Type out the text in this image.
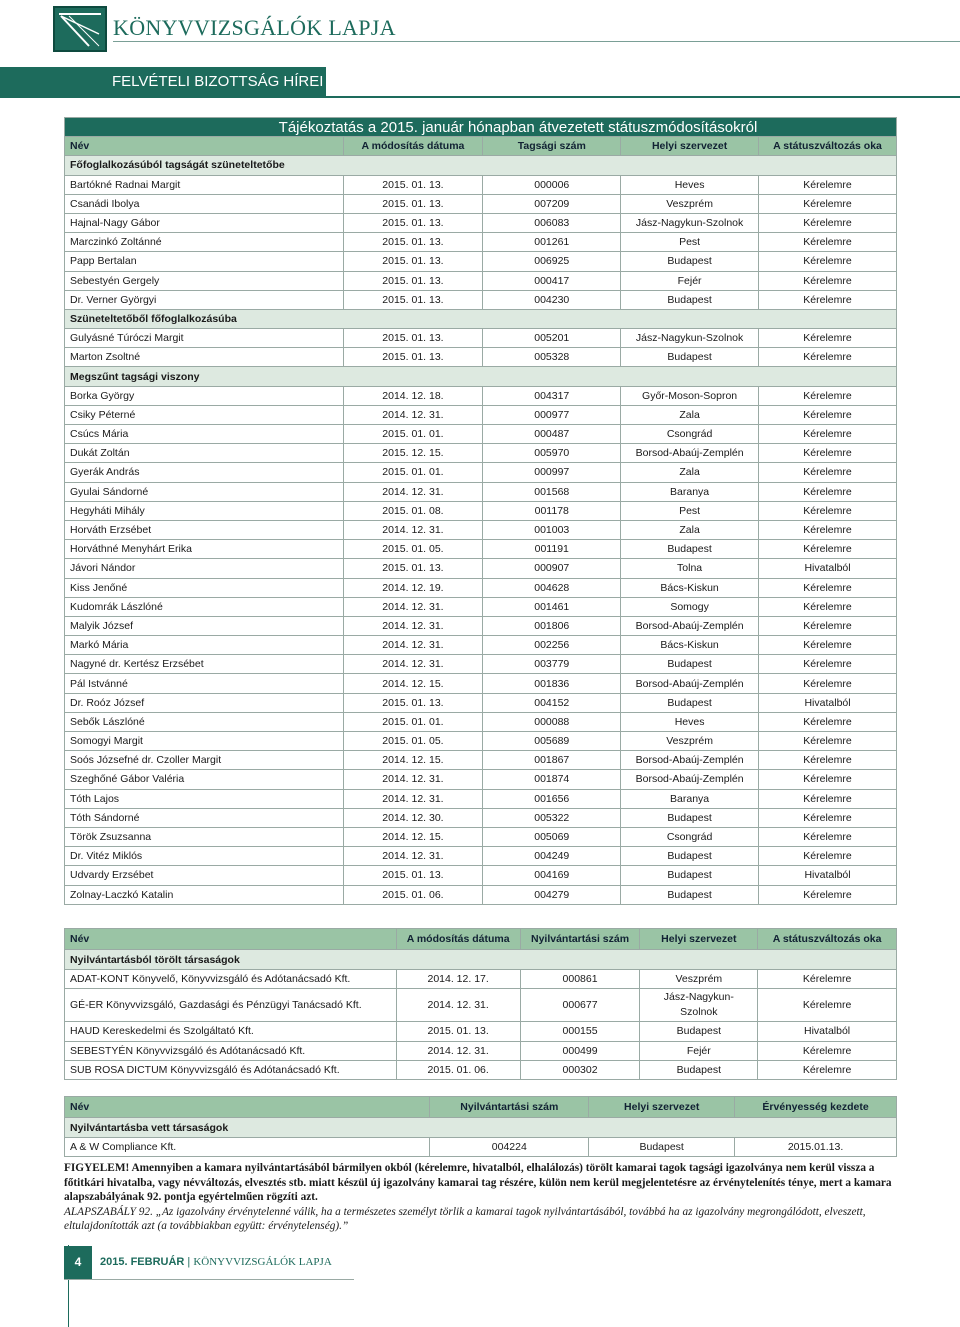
KÖNYVVIZSGÁLÓK LAPJA
FELVÉTELI BIZOTTSÁG HÍREI
Tájékoztatás a 2015. január hónapban átvezetett státuszmódosításokról				
Név	A módosítás dátuma	Tagsági szám	Helyi szervezet	A státuszváltozás oka
Főfoglalkozásúból tagságát szüneteltetőbe				
Bartókné Radnai Margit	2015. 01. 13.	000006	Heves	Kérelemre
Csanádi Ibolya	2015. 01. 13.	007209	Veszprém	Kérelemre
Hajnal-Nagy Gábor	2015. 01. 13.	006083	Jász-Nagykun-Szolnok	Kérelemre
Marczinkó Zoltánné	2015. 01. 13.	001261	Pest	Kérelemre
Papp Bertalan	2015. 01. 13.	006925	Budapest	Kérelemre
Sebestyén Gergely	2015. 01. 13.	000417	Fejér	Kérelemre
Dr. Verner Györgyi	2015. 01. 13.	004230	Budapest	Kérelemre
Szüneteltetőből főfoglalkozásúba				
Gulyásné Túróczi Margit	2015. 01. 13.	005201	Jász-Nagykun-Szolnok	Kérelemre
Marton Zsoltné	2015. 01. 13.	005328	Budapest	Kérelemre
Megszűnt tagsági viszony				
Borka György	2014. 12. 18.	004317	Győr-Moson-Sopron	Kérelemre
Csiky Péterné	2014. 12. 31.	000977	Zala	Kérelemre
Csúcs Mária	2015. 01. 01.	000487	Csongrád	Kérelemre
Dukát Zoltán	2015. 12. 15.	005970	Borsod-Abaúj-Zemplén	Kérelemre
Gyerák András	2015. 01. 01.	000997	Zala	Kérelemre
Gyulai Sándorné	2014. 12. 31.	001568	Baranya	Kérelemre
Hegyháti Mihály	2015. 01. 08.	001178	Pest	Kérelemre
Horváth Erzsébet	2014. 12. 31.	001003	Zala	Kérelemre
Horváthné Menyhárt Erika	2015. 01. 05.	001191	Budapest	Kérelemre
Jávori Nándor	2015. 01. 13.	000907	Tolna	Hivatalból
Kiss Jenőné	2014. 12. 19.	004628	Bács-Kiskun	Kérelemre
Kudomrák Lászlóné	2014. 12. 31.	001461	Somogy	Kérelemre
Malyik József	2014. 12. 31.	001806	Borsod-Abaúj-Zemplén	Kérelemre
Markó Mária	2014. 12. 31.	002256	Bács-Kiskun	Kérelemre
Nagyné dr. Kertész Erzsébet	2014. 12. 31.	003779	Budapest	Kérelemre
Pál Istvánné	2014. 12. 15.	001836	Borsod-Abaúj-Zemplén	Kérelemre
Dr. Roóz József	2015. 01. 13.	004152	Budapest	Hivatalból
Sebők Lászlóné	2015. 01. 01.	000088	Heves	Kérelemre
Somogyi Margit	2015. 01. 05.	005689	Veszprém	Kérelemre
Soós Józsefné dr. Czoller Margit	2014. 12. 15.	001867	Borsod-Abaúj-Zemplén	Kérelemre
Szeghőné Gábor Valéria	2014. 12. 31.	001874	Borsod-Abaúj-Zemplén	Kérelemre
Tóth Lajos	2014. 12. 31.	001656	Baranya	Kérelemre
Tóth Sándorné	2014. 12. 30.	005322	Budapest	Kérelemre
Török Zsuzsanna	2014. 12. 15.	005069	Csongrád	Kérelemre
Dr. Vitéz Miklós	2014. 12. 31.	004249	Budapest	Kérelemre
Udvardy Erzsébet	2015. 01. 13.	004169	Budapest	Hivatalból
Zolnay-Laczkó Katalin	2015. 01. 06.	004279	Budapest	Kérelemre
Név	A módosítás dátuma	Nyilvántartási szám	Helyi szervezet	A státuszváltozás oka
Nyilvántartásból törölt társaságok				
ADAT-KONT Könyvelő, Könyvvizsgáló és Adótanácsadó Kft.	2014. 12. 17.	000861	Veszprém	Kérelemre
GÉ-ER Könyvvizsgáló, Gazdasági és Pénzügyi Tanácsadó Kft.	2014. 12. 31.	000677	Jász-Nagykun-Szolnok	Kérelemre
HAUD Kereskedelmi és Szolgáltató Kft.	2015. 01. 13.	000155	Budapest	Hivatalból
SEBESTYÉN Könyvvizsgáló és Adótanácsadó Kft.	2014. 12. 31.	000499	Fejér	Kérelemre
SUB ROSA DICTUM Könyvvizsgáló és Adótanácsadó Kft.	2015. 01. 06.	000302	Budapest	Kérelemre
Név	Nyilvántartási szám	Helyi szervezet	Érvényesség kezdete
Nyilvántartásba vett társaságok			
A & W Compliance Kft.	004224	Budapest	2015.01.13.

FIGYELEM! Amennyiben a kamara nyilvántartásából bármilyen okból (kérelemre, hivatalból, elhalálozás) törölt kamarai tagok tagsági igazolványa nem kerül vissza a főtitkári hivatalba, vagy névváltozás, elvesztés stb. miatt készül új igazolvány kamarai tag részére, külön nem kerül megjelentetésre az érvénytelenítés ténye, mert a kamara alapszabályának 92. pontja egyértelműen rögzíti azt.

ALAPSZABÁLY 92. „Az igazolvány érvénytelenné válik, ha a természetes személyt törlik a kamarai tagok nyilvántartásából, továbbá ha az igazolvány megrongálódott, elveszett, eltulajdonították azt (a továbbiakban együtt: érvénytelenség).”

4	2015. FEBRUÁR | KÖNYVVIZSGÁLÓK LAPJA
